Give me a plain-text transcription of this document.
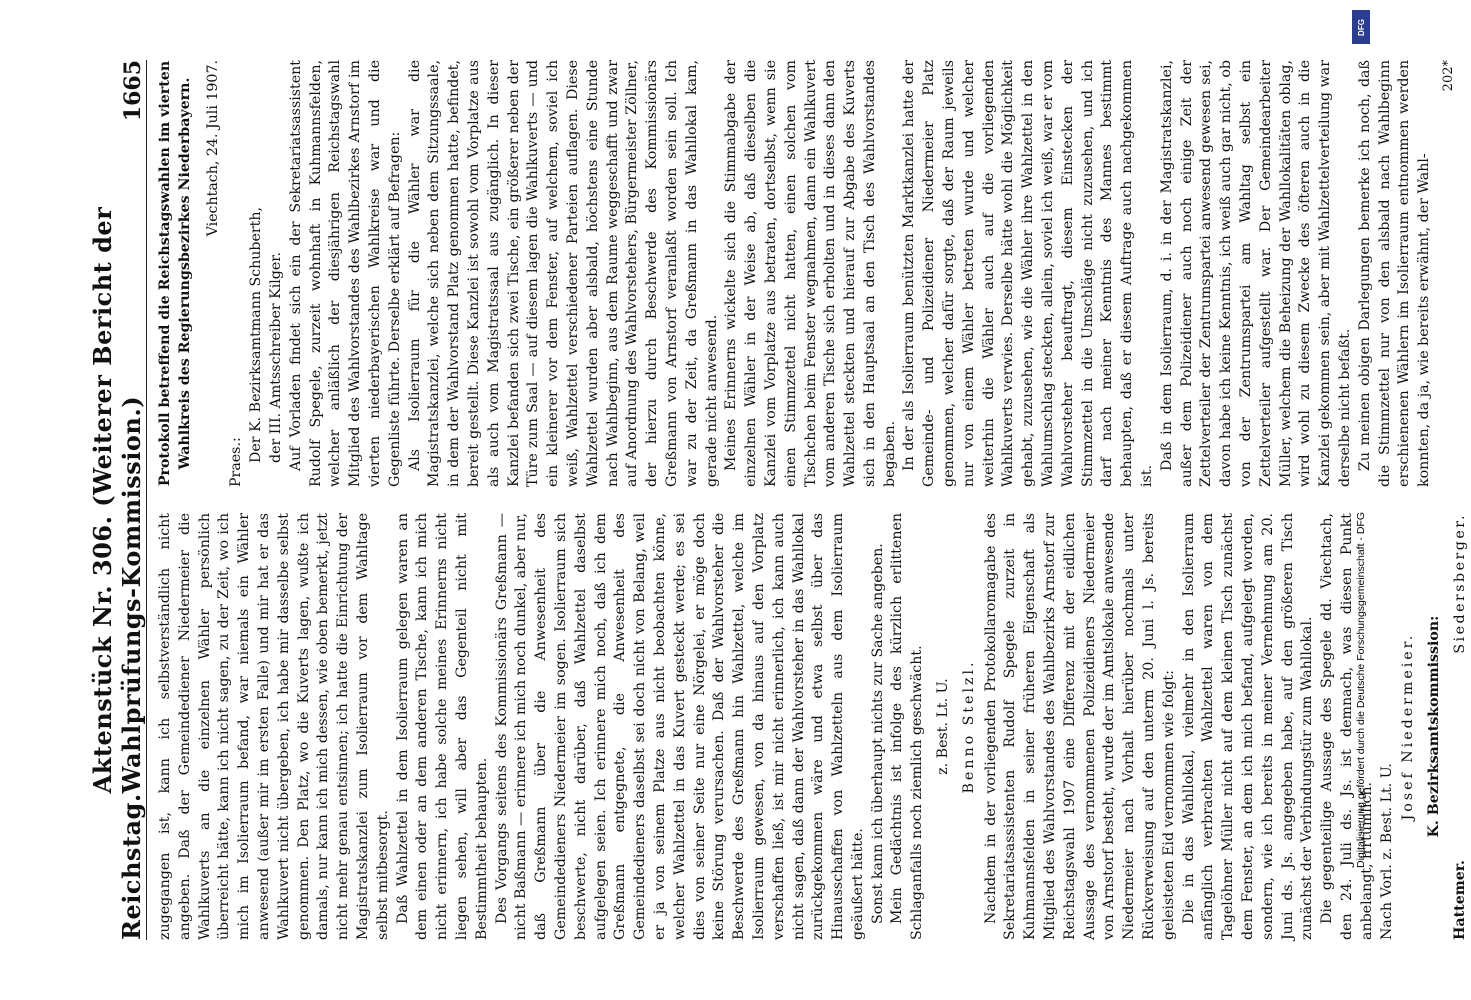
Reichstag.
Aktenstück Nr. 306. (Weiterer Bericht der Wahlprüfungs-Kommission.)
1665

zugegangen ist, kann ich selbstverständlich nicht angeben. Daß der Gemeindediener Niedermeier die Wahlkuverts an die einzelnen Wähler persönlich überreicht hätte, kann ich nicht sagen, zu der Zeit, wo ich mich im Isolierraum befand, war niemals ein Wähler anwesend (außer mir im ersten Falle) und mir hat er das Wahlkuvert nicht übergeben, ich habe mir dasselbe selbst genommen. Den Platz, wo die Kuverts lagen, wußte ich damals, nur kann ich mich dessen, wie oben bemerkt, jetzt nicht mehr genau entsinnen; ich hatte die Einrichtung der Magistratskanzlei zum Isolierraum vor dem Wahltage selbst mitbesorgt. Daß Wahlzettel in dem Isolierraum gelegen waren an dem einen oder an dem anderen Tische, kann ich mich nicht erinnern, ich habe solche meines Erinnerns nicht liegen sehen, will aber das Gegenteil nicht mit Bestimmtheit behaupten. Des Vorgangs seitens des Kommissionärs Greßmann — nicht Baßmann — erinnere ich mich noch dunkel, aber nur, daß Greßmann über die Anwesenheit des Gemeindedieners Niedermeier im sogen. Isolierraum sich beschwerte, nicht darüber, daß Wahlzettel daselbst aufgelegen seien. Ich erinnere mich noch, daß ich dem Greßmann entgegnete, die Anwesenheit des Gemeindedieners daselbst sei doch nicht von Belang, weil er ja von seinem Platze aus nicht beobachten könne, welcher Wahlzettel in das Kuvert gesteckt werde; es sei dies von seiner Seite nur eine Nörgelei, er möge doch keine Störung verursachen. Daß der Wahlvorsteher die Beschwerde des Greßmann hin Wahlzettel, welche im Isolierraum gewesen, von da hinaus auf den Vorplatz verschaffen ließ, ist mir nicht erinnerlich, ich kann auch nicht sagen, daß dann der Wahlvorsteher in das Wahllokal zurückgekommen wäre und etwa selbst über das Hinausschaffen von Wahlzetteln aus dem Isolierraum geäußert hätte. Sonst kann ich überhaupt nichts zur Sache angeben. Mein Gedächtnis ist infolge des kürzlich erlittenen Schlaganfalls noch ziemlich geschwächt. z. Best. Lt. U. Benno Stelzl. Nachdem in der vorliegenden Protokollaromagabe des Sekretariatsassistenten Rudolf Spegele zurzeit in Kuhmannsfelden in seiner früheren Eigenschaft als Mitglied des Wahlvorstandes des Wahlbezirks Arnstorf zur Reichstagswahl 1907 eine Differenz mit der eidlichen Aussage des vernommenen Polizeidieners Niedermeier von Arnstorf besteht, wurde der im Amtslokale anwesende Niedermeier nach Vorhalt hierüber nochmals unter Rückverweisung auf den unterm 20. Juni l. Js. bereits geleisteten Eid vernommen wie folgt: Die in das Wahllokal, vielmehr in den Isolierraum anfänglich verbrachten Wahlzettel waren von dem Tagelöhner Müller nicht auf dem kleinen Tisch zunächst dem Fenster, an dem ich mich befand, aufgelegt worden, sondern, wie ich bereits in meiner Vernehmung am 20. Juni ds. Js. angegeben habe, auf den größeren Tisch zunächst der Verbindungstür zum Wahllokal. Die gegenteilige Aussage des Spegele dd. Viechtach, den 24. Juli ds. Js. ist demnach, was diesen Punkt anbelangt, irrtümlich. Nach Vorl. z. Best. Lt. U.
Josef Niedermeier. K. Bezirksamtskommission:
Hattemer.
Siedersberger.
Protokoll betreffend die Reichstagswahlen im vierten Wahlkreis des Regierungsbezirkes Niederbayern. Viechtach, 24. Juli 1907.
Praes.: Der K. Bezirksamtmann Schuberth, der III. Amtsschreiber Kilger. Auf Vorladen findet sich ein der Sekretariatsassistent Rudolf Spegele, zurzeit wohnhaft in Kuhmannsfelden, welcher anläßlich der diesjährigen Reichstagswahl Mitglied des Wahlvorstandes des Wahlbezirkes Arnstorf im vierten niederbayerischen Wahlkreise war und die Gegenliste führte. Derselbe erklärt auf Befragen: Als Isolierraum für die Wähler war die Magistratskanzlei, welche sich neben dem Sitzungssaale, in dem der Wahlvorstand Platz genommen hatte, befindet, bereit gestellt. Diese Kanzlei ist sowohl vom Vorplatze aus als auch vom Magistratssaal aus zugänglich. In dieser Kanzlei befanden sich zwei Tische, ein größerer neben der Türe zum Saal — auf diesem lagen die Wahlkuverts — und ein kleinerer vor dem Fenster, auf welchem, soviel ich weiß, Wahlzettel verschiedener Parteien auflagen. Diese Wahlzettel wurden aber alsbald, höchstens eine Stunde nach Wahlbeginn, aus dem Raume weggeschafft und zwar auf Anordnung des Wahlvorstehers, Bürgermeister Zöllner, der hierzu durch Beschwerde des Kommissionärs Greßmann von Arnstorf veranlaßt worden sein soll. Ich war zu der Zeit, da Greßmann in das Wahllokal kam, gerade nicht anwesend. Meines Erinnerns wickelte sich die Stimmabgabe der einzelnen Wähler in der Weise ab, daß dieselben die Kanzlei vom Vorplatze aus betraten, dortselbst, wenn sie einen Stimmzettel nicht hatten, einen solchen vom Tischchen beim Fenster wegnahmen, dann ein Wahlkuvert vom anderen Tische sich erholten und in dieses dann den Wahlzettel steckten und hierauf zur Abgabe des Kuverts sich in den Hauptsaal an den Tisch des Wahlvorstandes begaben. In der als Isolierraum benützten Marktkanzlei hatte der Gemeinde- und Polizeidiener Niedermeier Platz genommen, welcher dafür sorgte, daß der Raum jeweils nur von einem Wähler betreten wurde und welcher weiterhin die Wähler auch auf die vorliegenden Wahlkuverts verwies. Derselbe hätte wohl die Möglichkeit gehabt, zuzusehen, wie die Wähler ihre Wahlzettel in den Wahlumschlag steckten, allein, soviel ich weiß, war er vom Wahlvorsteher beauftragt, diesem Einstecken der Stimmzettel in die Umschläge nicht zuzusehen, und ich darf nach meiner Kenntnis des Mannes bestimmt behaupten, daß er diesem Auftrage auch nachgekommen ist.

Daß in dem Isolierraum, d. i. in der Magistratskanzlei, außer dem Polizeidiener auch noch einige Zeit der Zettelverteiler der Zentrumspartei anwesend gewesen sei, davon habe ich keine Kenntnis, ich weiß auch gar nicht, ob von der Zentrumspartei am Wahltag selbst ein Zettelverteiler aufgestellt war. Der Gemeindearbeiter Müller, welchem die Beheizung der Wahllokalitäten oblag, wird wohl zu diesem Zwecke des öfteren auch in die Kanzlei gekommen sein, aber mit Wahlzettelverteilung war derselbe nicht befaßt. Zu meinen obigen Darlegungen bemerke ich noch, daß die Stimmzettel nur von den alsbald nach Wahlbeginn erschienenen Wählern im Isolierraum entnommen werden konnten, da ja, wie bereits erwähnt, der Wahl-

202*
DFG
Digitalisierung gefördert durch die Deutsche Forschungsgemeinschaft - DFG
